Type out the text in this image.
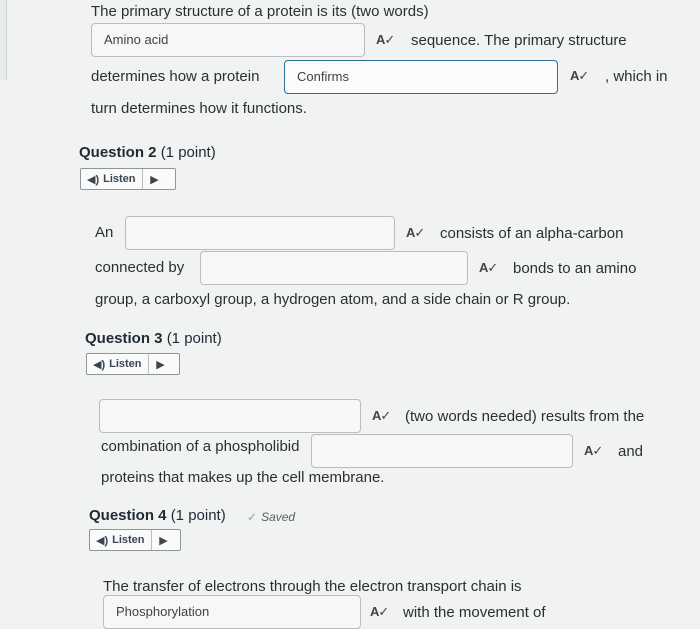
The primary structure of a protein is its (two words)
Amino acid	A✓ sequence. The primary structure
determines how a protein	Confirms	A✓ , which in
turn determines how it functions.
Question 2 (1 point)
◀) Listen	▶
An	A✓ consists of an alpha-carbon
connected by	A✓ bonds to an amino
group, a carboxyl group, a hydrogen atom, and a side chain or R group.
Question 3 (1 point)
◀) Listen	▶
A✓ (two words needed) results from the
combination of a phospholibid	A✓ and
proteins that makes up the cell membrane.
Question 4 (1 point) ✓ Saved
◀) Listen	▶
The transfer of electrons through the electron transport chain is
Phosphorylation	A✓ with the movement of
